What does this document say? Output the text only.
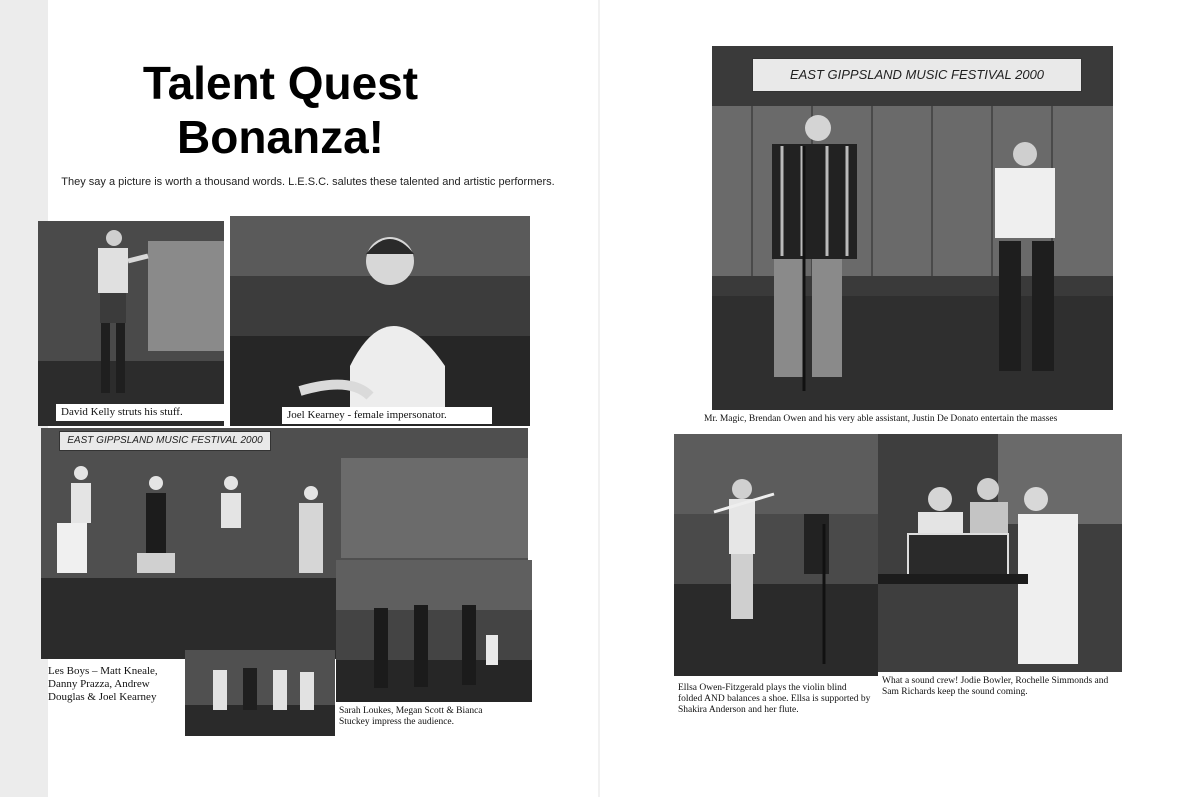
Talent Quest
Bonanza!
They say a picture is worth a thousand words. L.E.S.C. salutes these talented and artistic performers.
David Kelly struts his stuff.	Joel Kearney - female impersonator.
EAST GIPPSLAND MUSIC FESTIVAL 2000
Les Boys – Matt Kneale, Danny Prazza, Andrew Douglas & Joel Kearney
Sarah Loukes, Megan Scott & Bianca Stuckey impress the audience.
EAST GIPPSLAND MUSIC FESTIVAL 2000
Mr. Magic, Brendan Owen and his very able assistant, Justin De Donato entertain the masses
Ellsa Owen-Fitzgerald plays the violin blind folded AND balances a shoe. Ellsa is supported by Shakira Anderson and her flute.
What a sound crew! Jodie Bowler, Rochelle Simmonds and Sam Richards keep the sound coming.
